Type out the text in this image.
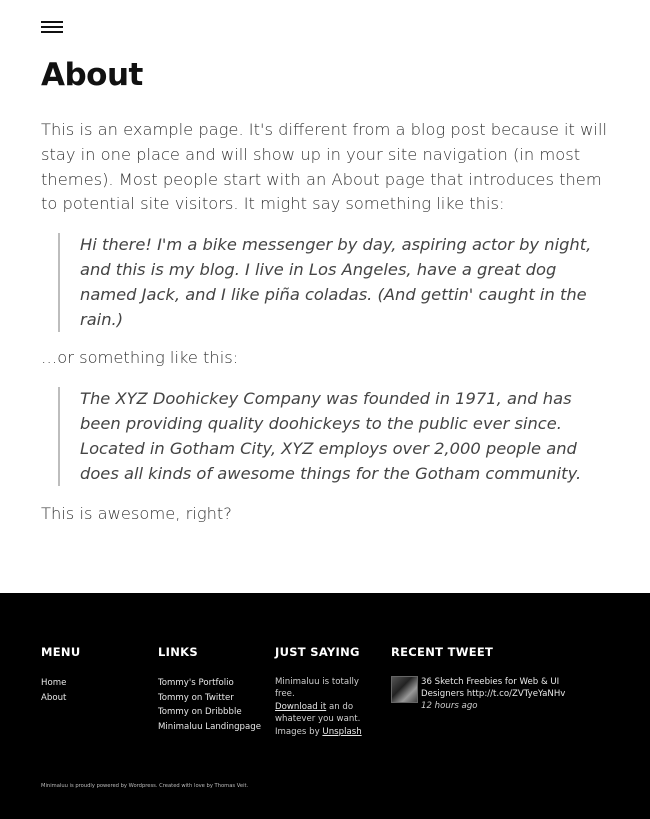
About

This is an example page. It's different from a blog post because it will stay in one place and will show up in your site navigation (in most themes). Most people start with an About page that introduces them to potential site visitors. It might say something like this:

Hi there! I'm a bike messenger by day, aspiring actor by night, and this is my blog. I live in Los Angeles, have a great dog named Jack, and I like piña coladas. (And gettin' caught in the rain.)

…or something like this:

The XYZ Doohickey Company was founded in 1971, and has been providing quality doohickeys to the public ever since. Located in Gotham City, XYZ employs over 2,000 people and does all kinds of awesome things for the Gotham community.

This is awesome, right?

MENU
Home
About
LINKS
Tommy's Portfolio
Tommy on Twitter
Tommy on Dribbble
Minimaluu Landingpage
JUST SAYING
Minimaluu is totally free.
Download it an do whatever you want. Images by Unsplash
RECENT TWEET
36 Sketch Freebies for Web & UI Designers http://t.co/ZVTyeYaNHv
12 hours ago
Minimaluu is proudly powered by Wordpress. Created with love by Thomas Veit.
